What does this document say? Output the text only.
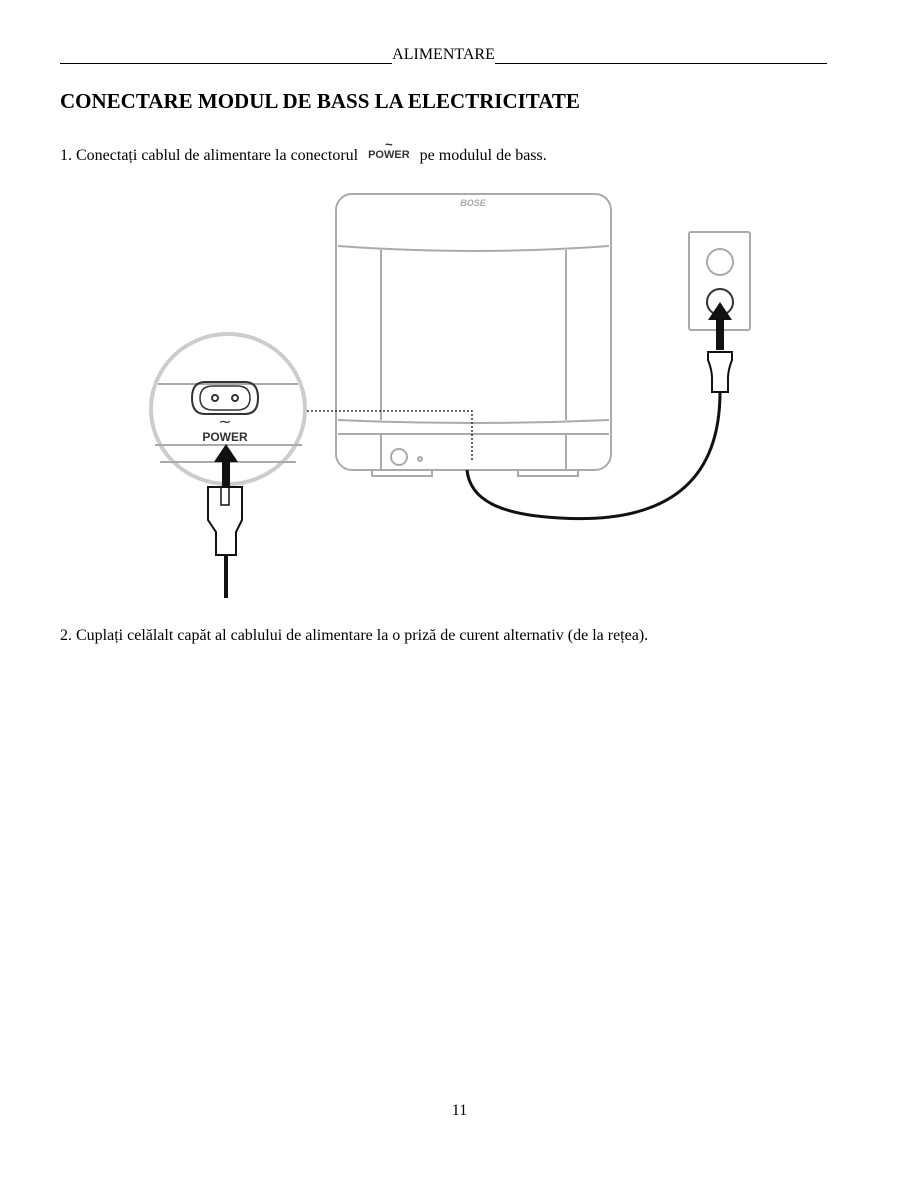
ALIMENTARE
CONECTARE MODUL DE BASS LA ELECTRICITATE
1. Conectați cablul de alimentare la conectorul
~
POWER pe modulul de bass.
BOSE
~
POWER
2. Cuplați celălalt capăt al cablului de alimentare la o priză de curent alternativ (de la rețea).
11
